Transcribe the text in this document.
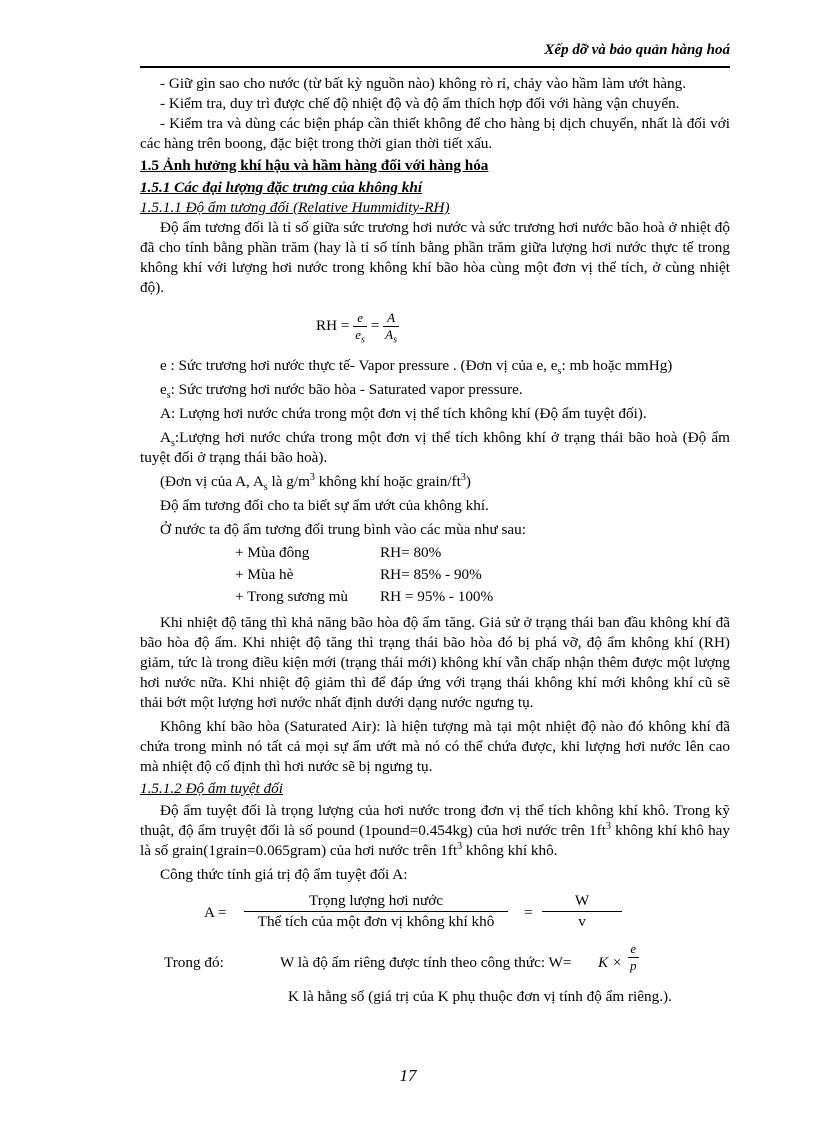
Xếp dỡ và bảo quản hàng hoá

- Giữ gìn sao cho nước (từ bất kỳ nguồn nào) không rò rỉ, chảy vào hầm làm ướt hàng.

- Kiểm tra, duy trì được chế độ nhiệt độ và độ ẩm thích hợp đối với hàng vận chuyển.

- Kiểm tra và dùng các biện pháp cần thiết không để cho hàng bị dịch chuyển, nhất là đối với các hàng trên boong, đặc biệt trong thời gian thời tiết xấu.

1.5 Ảnh hưởng khí hậu và hầm hàng đối với hàng hóa

1.5.1 Các đại lượng đặc trưng của không khí

1.5.1.1 Độ ẩm tương đối (Relative Hummidity-RH)

Độ ẩm tương đối là tỉ số giữa sức trương hơi nước và sức trương hơi nước bão hoà ở nhiệt độ đã cho tính bằng phần trăm (hay là tỉ số tính bằng phần trăm giữa lượng hơi nước thực tế trong không khí với lượng hơi nước trong không khí bão hòa cùng một đơn vị thể tích, ở cùng nhiệt độ).

RH = $\frac{e}{e_s} = \frac{A}{A_s}$

e : Sức trương hơi nước thực tế- Vapor pressure . (Đơn vị của e, $e_s$: mb hoặc mmHg)

$e_s$: Sức trương hơi nước bão hòa - Saturated vapor pressure.

A: Lượng hơi nước chứa trong một đơn vị thể tích không khí (Độ ẩm tuyệt đối).

$A_s:Lượng$ hơi nước chứa trong một đơn vị thể tích không khí ở trạng thái bão hoà (Độ ẩm tuyệt đối ở trạng thái bão hoà).

(Đơn vị của A, $A_s$ là $g/m^3$ không khí hoặc grain/$ft^3$)

Độ ẩm tương đối cho ta biết sự ẩm ướt của không khí.

Ở nước ta độ ẩm tương đối trung bình vào các mùa như sau:

+ Mùa đông	RH= 80%
+ Mùa hè	RH= 85% - 90%
+ Trong sương mù RH = 95% - 100%

Khi nhiệt độ tăng thì khả năng bão hòa độ ẩm tăng. Giả sử ở trạng thái ban đầu không khí đã bão hòa độ ẩm. Khi nhiệt độ tăng thì trạng thái bão hòa đó bị phá vỡ, độ ẩm không khí (RH) giảm, tức là trong điều kiện mới (trạng thái mới) không khí vẫn chấp nhận thêm được một lượng hơi nước nữa. Khi nhiệt độ giảm thì để đáp ứng với trạng thái không khí mới không khí cũ sẽ thải bớt một lượng hơi nước nhất định dưới dạng nước ngưng tụ.

Không khí bão hòa (Saturated Air): là hiện tượng mà tại một nhiệt độ nào đó không khí đã chứa trong mình nó tất cả mọi sự ẩm ướt mà nó có thể chứa được, khi lượng hơi nước lên cao mà nhiệt độ cố định thì hơi nước sẽ bị ngưng tụ.

1.5.1.2 Độ ẩm tuyệt đối

Độ ẩm tuyệt đối là trọng lượng của hơi nước trong đơn vị thể tích không khí khô. Trong kỹ thuật, độ ẩm truyệt đối là số pound (1pound=0.454kg) của hơi nước trên $1ft^3$ không khí khô hay là số grain(1grain=0.065gram) của hơi nước trên $1ft^3$ không khí khô.

Công thức tính giá trị độ ẩm tuyệt đối A:

A =
Trọng lượng hơi nước
Thể tích của một đơn vị không khí khô
=
W
v
Trong đó:	W là độ ẩm riêng được tính theo công thức: $W= K \times \frac{e}{p}$

K là hằng số (giá trị của K phụ thuộc đơn vị tính độ ẩm riêng.).

17
